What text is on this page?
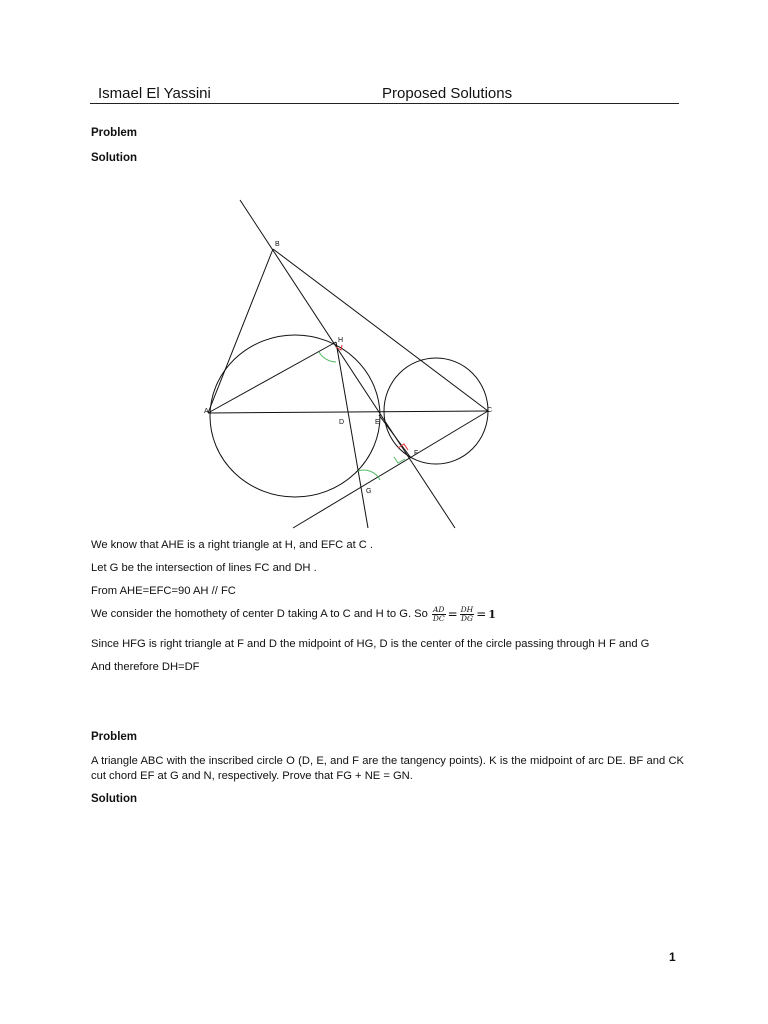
Ismael El Yassini	Proposed Solutions
Problem
Solution
B
H
A
D	E
C
F
G
We know that AHE is a right triangle at H, and EFC at C .
Let G be the intersection of lines FC and DH .
From AHE=EFC=90 AH // FC
We consider the homothety of center D taking A to C and H to G. So $\frac{AD}{DC} = \frac{DH}{DG} = 1$
Since HFG is right triangle at F and D the midpoint of HG, D is the center of the circle passing through H F and G
And therefore DH=DF
Problem
A triangle ABC with the inscribed circle O (D, E, and F are the tangency points). K is the midpoint of arc DE. BF and CK cut chord EF at G and N, respectively. Prove that FG + NE = GN.
Solution
1
